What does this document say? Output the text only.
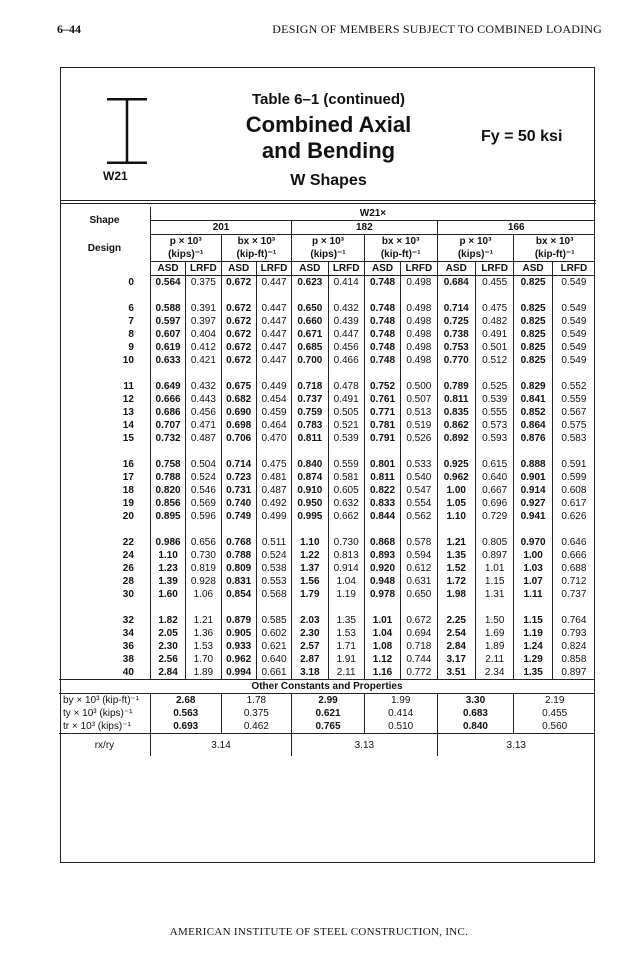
6–44	DESIGN OF MEMBERS SUBJECT TO COMBINED LOADING
W21
Table 6–1 (continued)
Combined Axial
and Bending
W Shapes
Fy = 50 ksi
Shape	W21×											
	201				182				166			
Design	p × 10³		bx × 10³		p × 10³		bx × 10³		p × 10³		bx × 10³	
	(kips)⁻¹		(kip-ft)⁻¹		(kips)⁻¹		(kip-ft)⁻¹		(kips)⁻¹		(kip-ft)⁻¹	
	ASD	LRFD	ASD	LRFD	ASD	LRFD	ASD	LRFD	ASD	LRFD	ASD	LRFD
0	0.564	0.375	0.672	0.447	0.623	0.414	0.748	0.498	0.684	0.455	0.825	0.549

6	0.588	0.391	0.672	0.447	0.650	0.432	0.748	0.498	0.714	0.475	0.825	0.549
7	0.597	0.397	0.672	0.447	0.660	0.439	0.748	0.498	0.725	0.482	0.825	0.549
8	0.607	0.404	0.672	0.447	0.671	0.447	0.748	0.498	0.738	0.491	0.825	0.549
9	0.619	0.412	0.672	0.447	0.685	0.456	0.748	0.498	0.753	0.501	0.825	0.549
10	0.633	0.421	0.672	0.447	0.700	0.466	0.748	0.498	0.770	0.512	0.825	0.549

11	0.649	0.432	0.675	0.449	0.718	0.478	0.752	0.500	0.789	0.525	0.829	0.552
12	0.666	0.443	0.682	0.454	0.737	0.491	0.761	0.507	0.811	0.539	0.841	0.559
13	0.686	0.456	0.690	0.459	0.759	0.505	0.771	0.513	0.835	0.555	0.852	0.567
14	0.707	0.471	0.698	0.464	0.783	0.521	0.781	0.519	0.862	0.573	0.864	0.575
15	0.732	0.487	0.706	0.470	0.811	0.539	0.791	0.526	0.892	0.593	0.876	0.583

16	0.758	0.504	0.714	0.475	0.840	0.559	0.801	0.533	0.925	0.615	0.888	0.591
17	0.788	0.524	0.723	0.481	0.874	0.581	0.811	0.540	0.962	0.640	0.901	0.599
18	0.820	0.546	0.731	0.487	0.910	0.605	0.822	0.547	1.00	0.667	0.914	0.608
19	0.856	0.569	0.740	0.492	0.950	0.632	0.833	0.554	1.05	0.696	0.927	0.617
20	0.895	0.596	0.749	0.499	0.995	0.662	0.844	0.562	1.10	0.729	0.941	0.626

22	0.986	0.656	0.768	0.511	1.10	0.730	0.868	0.578	1.21	0.805	0.970	0.646
24	1.10	0.730	0.788	0.524	1.22	0.813	0.893	0.594	1.35	0.897	1.00	0.666
26	1.23	0.819	0.809	0.538	1.37	0.914	0.920	0.612	1.52	1.01	1.03	0.688
28	1.39	0.928	0.831	0.553	1.56	1.04	0.948	0.631	1.72	1.15	1.07	0.712
30	1.60	1.06	0.854	0.568	1.79	1.19	0.978	0.650	1.98	1.31	1.11	0.737

32	1.82	1.21	0.879	0.585	2.03	1.35	1.01	0.672	2.25	1.50	1.15	0.764
34	2.05	1.36	0.905	0.602	2.30	1.53	1.04	0.694	2.54	1.69	1.19	0.793
36	2.30	1.53	0.933	0.621	2.57	1.71	1.08	0.718	2.84	1.89	1.24	0.824
38	2.56	1.70	0.962	0.640	2.87	1.91	1.12	0.744	3.17	2.11	1.29	0.858
40	2.84	1.89	0.994	0.661	3.18	2.11	1.16	0.772	3.51	2.34	1.35	0.897
Other Constants and Properties												
by × 10³ (kip-ft)⁻¹	2.68		1.78		2.99		1.99		3.30		2.19	
ty × 10³ (kips)⁻¹	0.563		0.375		0.621		0.414		0.683		0.455	
tr × 10³ (kips)⁻¹	0.693		0.462		0.765		0.510		0.840		0.560	
rx/ry	3.14				3.13				3.13			
AMERICAN INSTITUTE OF STEEL CONSTRUCTION, INC.
